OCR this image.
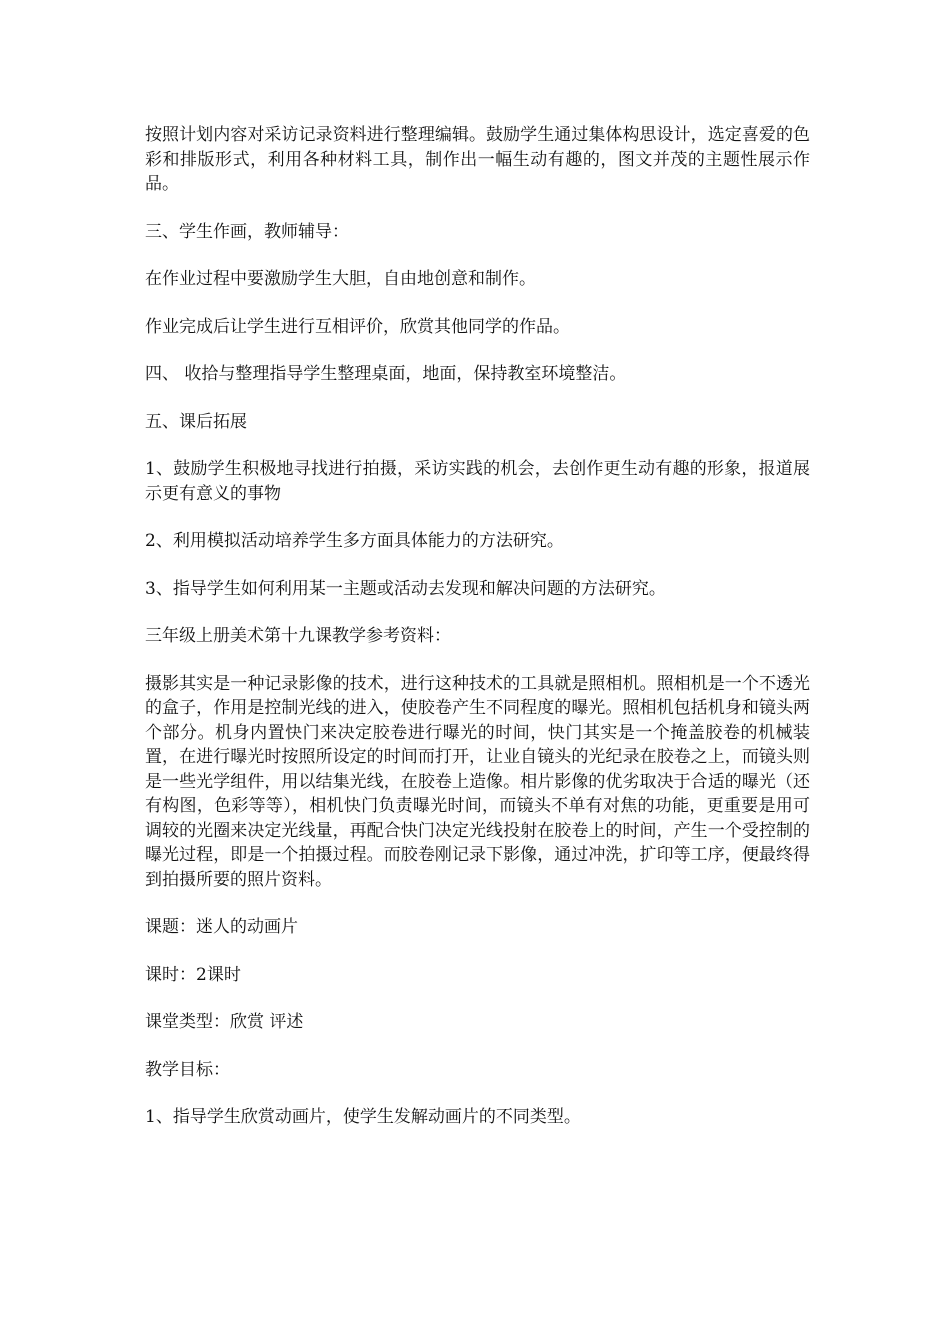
按照计划内容对采访记录资料进行整理编辑。鼓励学生通过集体构思设计，选定喜爱的色彩和排版形式，利用各种材料工具，制作出一幅生动有趣的，图文并茂的主题性展示作品。

三、学生作画，教师辅导：

在作业过程中要激励学生大胆，自由地创意和制作。

作业完成后让学生进行互相评价，欣赏其他同学的作品。

四、 收拾与整理指导学生整理桌面，地面，保持教室环境整洁。

五、课后拓展

1、鼓励学生积极地寻找进行拍摄，采访实践的机会，去创作更生动有趣的形象，报道展示更有意义的事物

2、利用模拟活动培养学生多方面具体能力的方法研究。

3、指导学生如何利用某一主题或活动去发现和解决问题的方法研究。

三年级上册美术第十九课教学参考资料：

摄影其实是一种记录影像的技术，进行这种技术的工具就是照相机。照相机是一个不透光的盒子，作用是控制光线的进入，使胶卷产生不同程度的曝光。照相机包括机身和镜头两个部分。机身内置快门来决定胶卷进行曝光的时间，快门其实是一个掩盖胶卷的机械装置，在进行曝光时按照所设定的时间而打开，让业自镜头的光纪录在胶卷之上，而镜头则是一些光学组件，用以结集光线，在胶卷上造像。相片影像的优劣取决于合适的曝光（还有构图，色彩等等），相机快门负责曝光时间，而镜头不单有对焦的功能，更重要是用可调较的光圈来决定光线量，再配合快门决定光线投射在胶卷上的时间，产生一个受控制的曝光过程，即是一个拍摄过程。而胶卷刚记录下影像，通过冲洗，扩印等工序，便最终得到拍摄所要的照片资料。

课题：迷人的动画片

课时：2课时

课堂类型：欣赏 评述

教学目标：

1、指导学生欣赏动画片，使学生发解动画片的不同类型。
